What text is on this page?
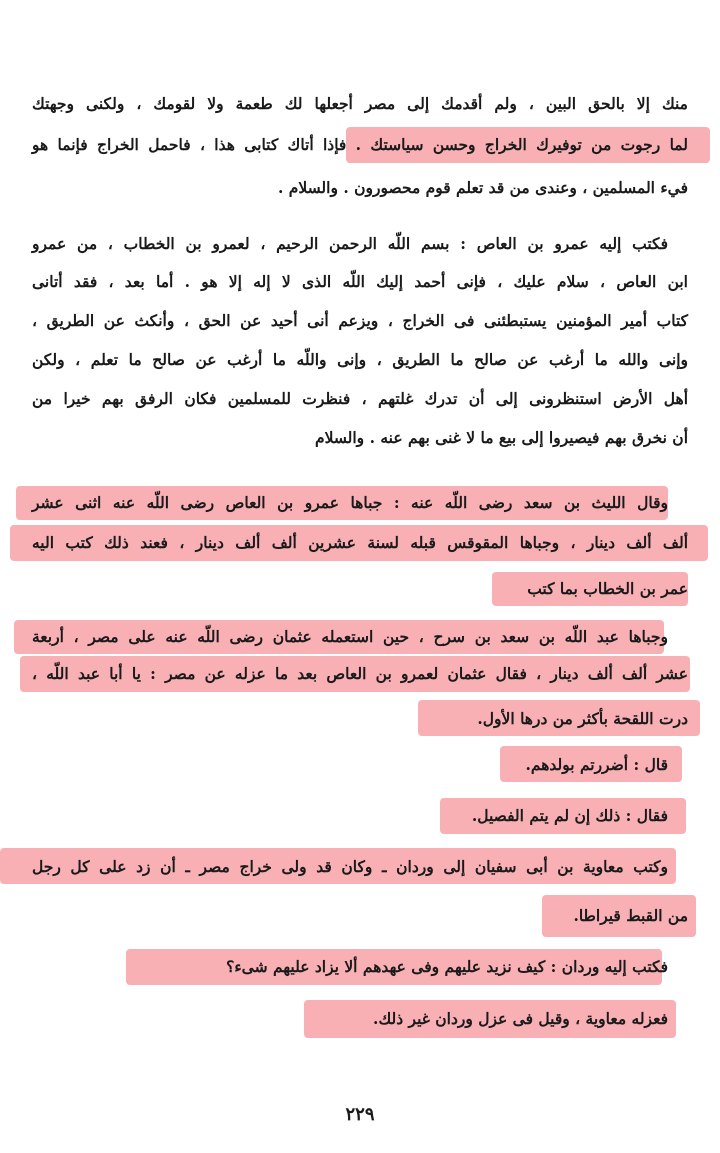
منك إلا بالحق البين ، ولم أقدمك إلى مصر أجعلها لك طعمة ولا لقومك ، ولكنى وجهتك
لما رجوت من توفيرك الخراج وحسن سياستك . فإذا أتاك كتابى هذا ، فاحمل الخراج فإنما هو
فيء المسلمين ، وعندى من قد تعلم قوم محصورون . والسلام .
فكتب إليه عمرو بن العاص : بسم اللّه الرحمن الرحيم ، لعمرو بن الخطاب ، من عمرو
ابن العاص ، سلام عليك ، فإنى أحمد إليك اللّه الذى لا إله إلا هو . أما بعد ، فقد أتانى
كتاب أمير المؤمنين يستبطئنى فى الخراج ، ويزعم أنى أحيد عن الحق ، وأنكث عن الطريق ،
وإنى والله ما أرغب عن صالح ما الطريق ، وإنى واللّه ما أرغب عن صالح ما تعلم ، ولكن
أهل الأرض استنظرونى إلى أن تدرك غلتهم ، فنظرت للمسلمين فكان الرفق بهم خيرا من
أن نخرق بهم فيصيروا إلى بيع ما لا غنى بهم عنه . والسلام
وقال الليث بن سعد رضى اللّه عنه : جباها عمرو بن العاص رضى اللّه عنه اثنى عشر
ألف ألف دينار ، وجباها المقوقس قبله لسنة عشرين ألف ألف دينار ، فعند ذلك كتب اليه
عمر بن الخطاب بما كتب
وجباها عبد اللّه بن سعد بن سرح ، حين استعمله عثمان رضى اللّه عنه على مصر ، أربعة
عشر ألف ألف دينار ، فقال عثمان لعمرو بن العاص بعد ما عزله عن مصر : يا أبا عبد اللّه ،
درت اللقحة بأكثر من درها الأول.
قال : أضررتم بولدهم.
فقال : ذلك إن لم يتم الفصيل.
وكتب معاوية بن أبى سفيان إلى وردان ـ وكان قد ولى خراج مصر ـ أن زد على كل رجل
من القبط قيراطا.
فكتب إليه وردان : كيف نزيد عليهم وفى عهدهم ألا يزاد عليهم شىء؟
فعزله معاوية ، وقيل فى عزل وردان غير ذلك.
٢٢٩
